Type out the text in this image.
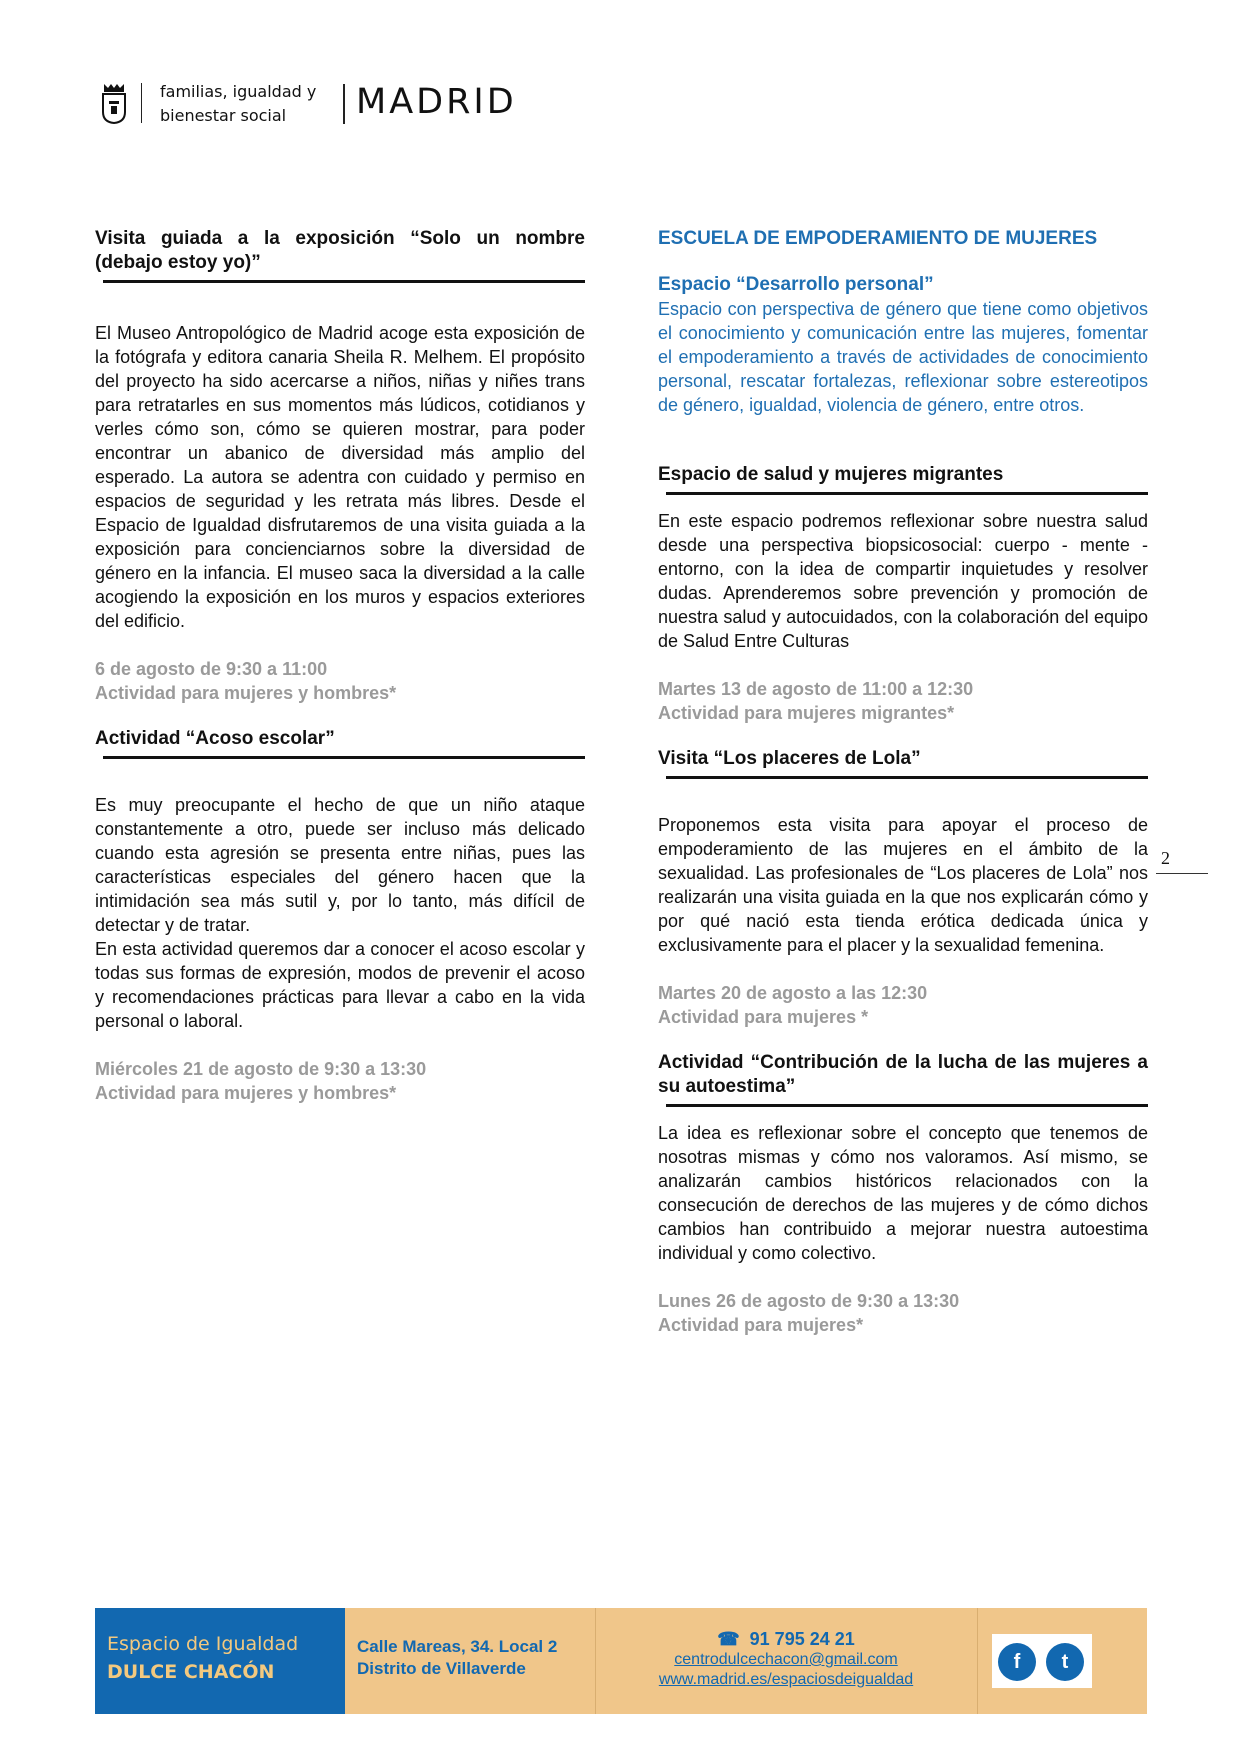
familias, igualdad y
bienestar social MADRID

Visita guiada a la exposición “Solo un nombre (debajo estoy yo)”

El Museo Antropológico de Madrid acoge esta exposición de la fotógrafa y editora canaria Sheila R. Melhem. El propósito del proyecto ha sido acercarse a niños, niñas y niñes trans para retratarles en sus momentos más lúdicos, cotidianos y verles cómo son, cómo se quieren mostrar, para poder encontrar un abanico de diversidad más amplio del esperado. La autora se adentra con cuidado y permiso en espacios de seguridad y les retrata más libres. Desde el Espacio de Igualdad disfrutaremos de una visita guiada a la exposición para concienciarnos sobre la diversidad de género en la infancia. El museo saca la diversidad a la calle acogiendo la exposición en los muros y espacios exteriores del edificio.

6 de agosto de 9:30 a 11:00

Actividad para mujeres y hombres*

Actividad “Acoso escolar”

Es muy preocupante el hecho de que un niño ataque constantemente a otro, puede ser incluso más delicado cuando esta agresión se presenta entre niñas, pues las características especiales del género hacen que la intimidación sea más sutil y, por lo tanto, más difícil de detectar y de tratar.

En esta actividad queremos dar a conocer el acoso escolar y todas sus formas de expresión, modos de prevenir el acoso y recomendaciones prácticas para llevar a cabo en la vida personal o laboral.

Miércoles 21 de agosto de 9:30 a 13:30

Actividad para mujeres y hombres*

ESCUELA DE EMPODERAMIENTO DE MUJERES

Espacio “Desarrollo personal”

Espacio con perspectiva de género que tiene como objetivos el conocimiento y comunicación entre las mujeres, fomentar el empoderamiento a través de actividades de conocimiento personal, rescatar fortalezas, reflexionar sobre estereotipos de género, igualdad, violencia de género, entre otros.

Espacio de salud y mujeres migrantes

En este espacio podremos reflexionar sobre nuestra salud desde una perspectiva biopsicosocial: cuerpo - mente - entorno, con la idea de compartir inquietudes y resolver dudas. Aprenderemos sobre prevención y promoción de nuestra salud y autocuidados, con la colaboración del equipo de Salud Entre Culturas

Martes 13 de agosto de 11:00 a 12:30

Actividad para mujeres migrantes*

Visita “Los placeres de Lola”

Proponemos esta visita para apoyar el proceso de empoderamiento de las mujeres en el ámbito de la sexualidad. Las profesionales de “Los placeres de Lola” nos realizarán una visita guiada en la que nos explicarán cómo y por qué nació esta tienda erótica dedicada única y exclusivamente para el placer y la sexualidad femenina.

Martes 20 de agosto a las 12:30

Actividad para mujeres *

Actividad “Contribución de la lucha de las mujeres a su autoestima”

La idea es reflexionar sobre el concepto que tenemos de nosotras mismas y cómo nos valoramos. Así mismo, se analizarán cambios históricos relacionados con la consecución de derechos de las mujeres y de cómo dichos cambios han contribuido a mejorar nuestra autoestima individual y como colectivo.

Lunes 26 de agosto de 9:30 a 13:30

Actividad para mujeres*

2
Espacio de Igualdad
DULCE CHACÓN
Calle Mareas, 34. Local 2
Distrito de Villaverde
☎ 91 795 24 21
centrodulcechacon@gmail.com
www.madrid.es/espaciosdeigualdad
f	t
